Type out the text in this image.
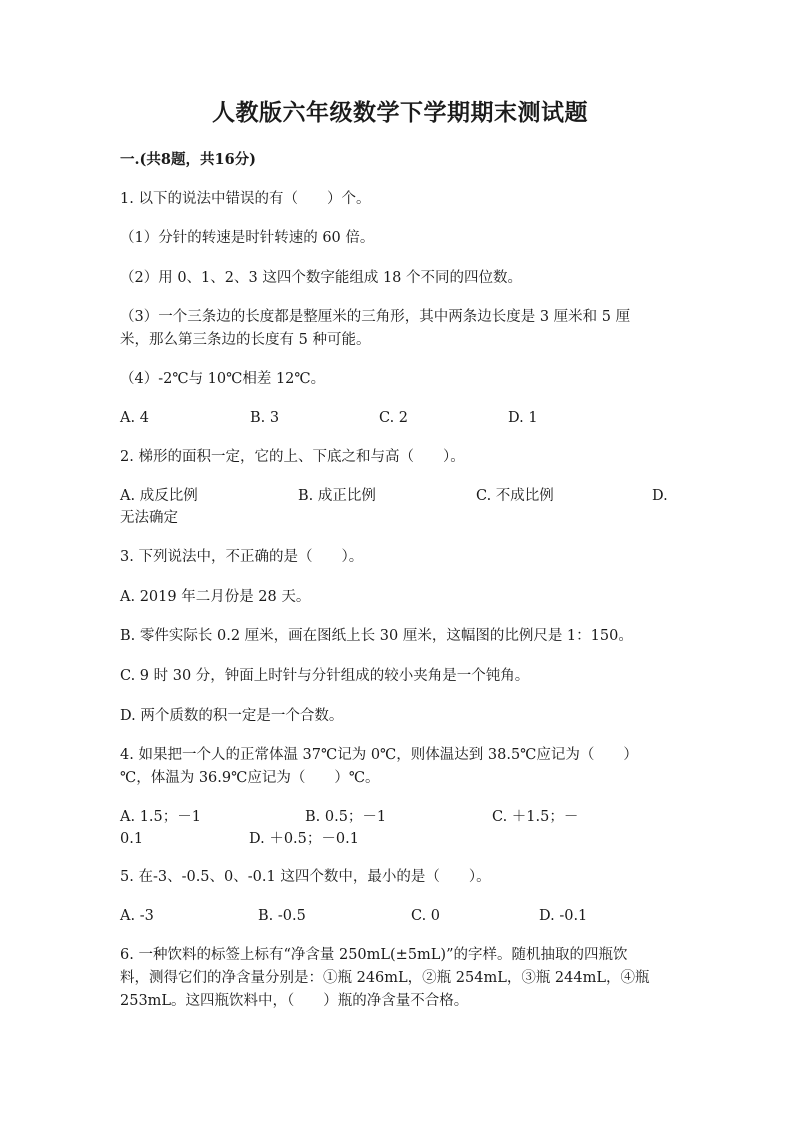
人教版六年级数学下学期期末测试题
一.(共8题，共16分)
1. 以下的说法中错误的有（　　）个。
（1）分针的转速是时针转速的 60 倍。
（2）用 0、1、2、3 这四个数字能组成 18 个不同的四位数。
（3）一个三条边的长度都是整厘米的三角形，其中两条边长度是 3 厘米和 5 厘
米，那么第三条边的长度有 5 种可能。
（4）-2℃与 10℃相差 12℃。
A. 4	B. 3	C. 2	D. 1
2. 梯形的面积一定，它的上、下底之和与高（　　）。
A. 成反比例	B. 成正比例	C. 不成比例	D.
无法确定
3. 下列说法中，不正确的是（　　）。
A. 2019 年二月份是 28 天。
B. 零件实际长 0.2 厘米，画在图纸上长 30 厘米，这幅图的比例尺是 1：150。
C. 9 时 30 分，钟面上时针与分针组成的较小夹角是一个钝角。
D. 两个质数的积一定是一个合数。
4. 如果把一个人的正常体温 37℃记为 0℃，则体温达到 38.5℃应记为（　　）
℃，体温为 36.9℃应记为（　　）℃。
A. 1.5；－1	B. 0.5；－1	C. ＋1.5；－
0.1	D. ＋0.5；－0.1
5. 在-3、-0.5、0、-0.1 这四个数中，最小的是（　　）。
A. -3	B. -0.5	C. 0	D. -0.1
6. 一种饮料的标签上标有“净含量 250mL(±5mL)”的字样。随机抽取的四瓶饮
料，测得它们的净含量分别是：①瓶 246mL，②瓶 254mL，③瓶 244mL，④瓶
253mL。这四瓶饮料中，（　　）瓶的净含量不合格。
